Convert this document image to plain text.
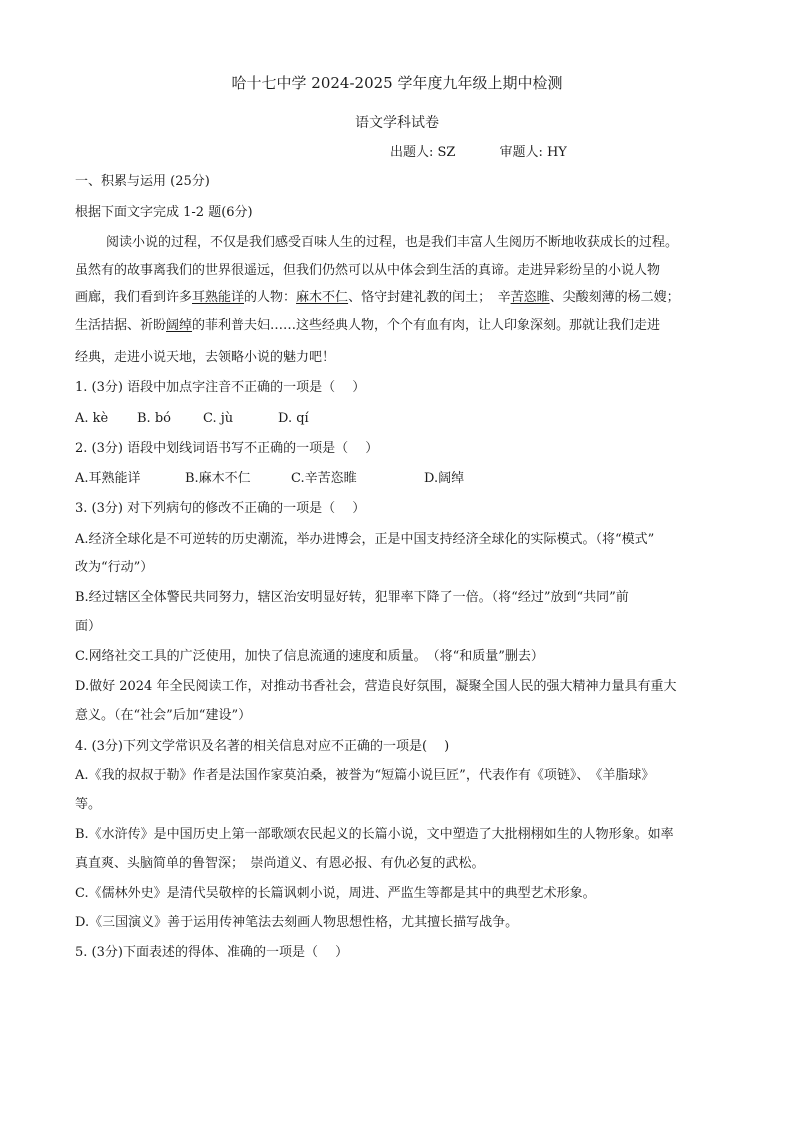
哈十七中学 2024-2025 学年度九年级上期中检测
语文学科试卷
出题人: SZ	审题人: HY
一、积累与运用 (25分)
根据下面文字完成 1-2 题(6分)
阅读小说的过程，不仅是我们感受百味人生的过程，也是我们丰富人生阅历不断地收获成长的过程。
虽然有的故事离我们的世界很遥远，但我们仍然可以从中体会到生活的真谛。走进异彩纷呈的小说人物
画廊，我们看到许多耳熟能详的人物：麻木不仁、恪守封建礼教的闰土；　辛苦恣睢、尖酸刻薄的杨二嫂；
生活拮据、祈盼阔绰的菲利普夫妇……这些经典人物，个个有血有肉，让人印象深刻。那就让我们走进
经典，走进小说天地，去领略小说的魅力吧！
1. (3分) 语段中加点字注音不正确的一项是（　 ）
A. kè B. bó C. jù	D. qí
2. (3分) 语段中划线词语书写不正确的一项是（　 ）
A.耳熟能详	B.麻木不仁	C.辛苦恣睢	D.阔绰
3. (3分) 对下列病句的修改不正确的一项是（　 ）
A.经济全球化是不可逆转的历史潮流，举办进博会，正是中国支持经济全球化的实际模式。（将“模式”
改为“行动”）
B.经过辖区全体警民共同努力，辖区治安明显好转，犯罪率下降了一倍。（将“经过”放到“共同”前
面）
C.网络社交工具的广泛使用，加快了信息流通的速度和质量。　（将“和质量”删去）
D.做好 2024 年全民阅读工作，对推动书香社会，营造良好氛围，凝聚全国人民的强大精神力量具有重大
意义。（在“社会”后加“建设”）
4. (3分)下列文学常识及名著的相关信息对应不正确的一项是(　 )
A.《我的叔叔于勒》作者是法国作家莫泊桑，被誉为“短篇小说巨匠”，代表作有《项链》、　《羊脂球》
等。
B.《水浒传》是中国历史上第一部歌颂农民起义的长篇小说，文中塑造了大批栩栩如生的人物形象。如率
真直爽、头脑简单的鲁智深；　崇尚道义、有恩必报、有仇必复的武松。
C.《儒林外史》是清代吴敬梓的长篇讽刺小说，周进、严监生等都是其中的典型艺术形象。
D.《三国演义》善于运用传神笔法去刻画人物思想性格，尤其擅长描写战争。
5. (3分)下面表述的得体、准确的一项是（　 ）
